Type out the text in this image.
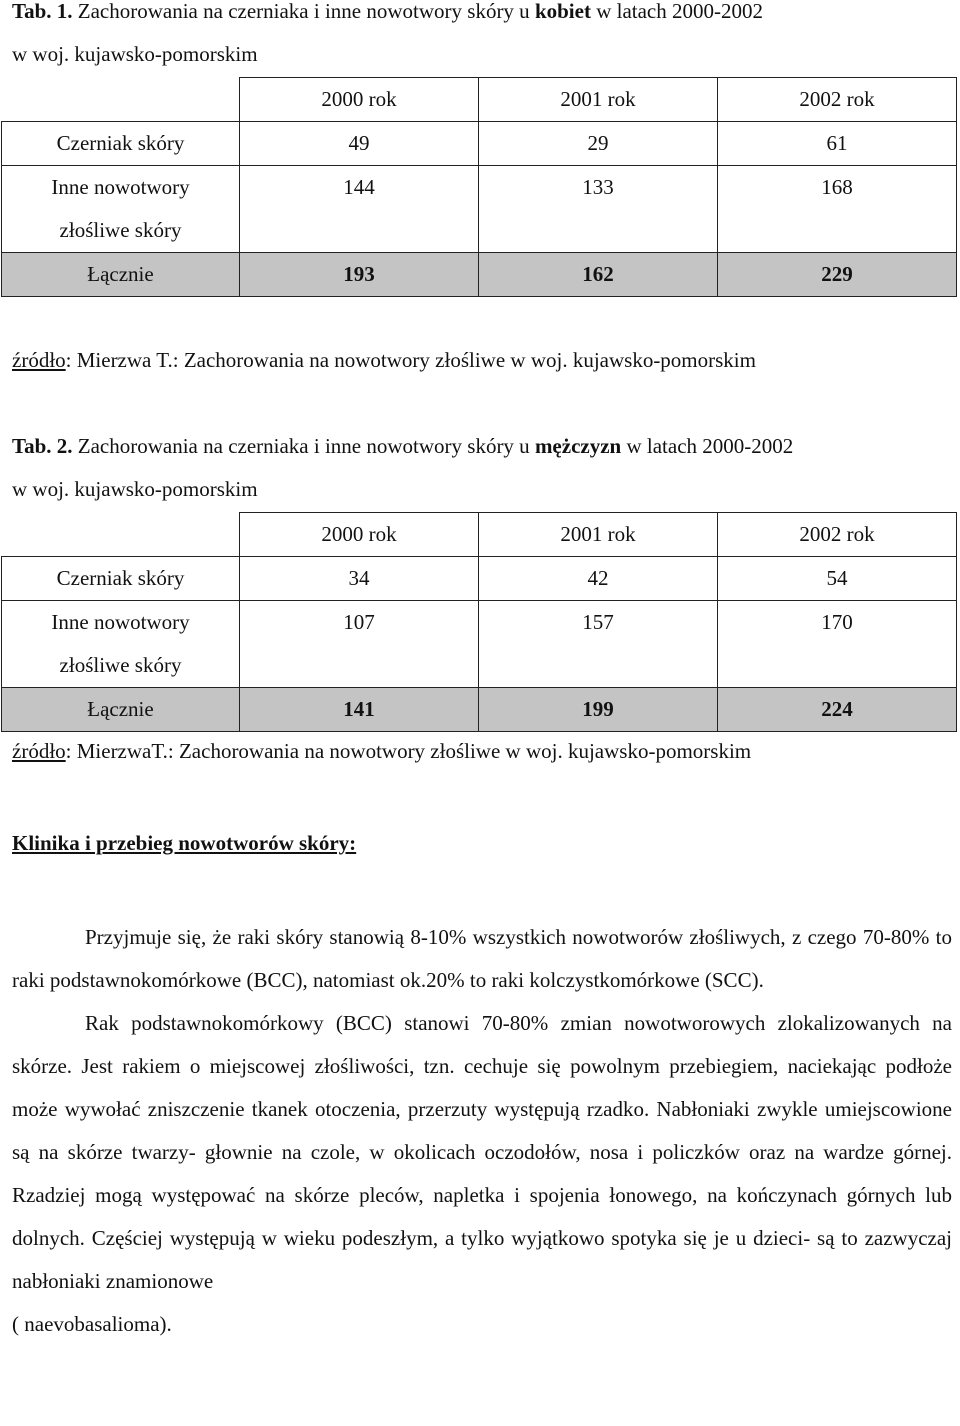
Tab. 1. Zachorowania na czerniaka i inne nowotwory skóry u kobiet w latach 2000-2002
w woj. kujawsko-pomorskim
	2000 rok	2001 rok	2002 rok
Czerniak skóry	49	29	61
Inne nowotwory
złośliwe skóry	144	133	168
Łącznie	193	162	229
źródło: Mierzwa T.: Zachorowania na nowotwory złośliwe w woj. kujawsko-pomorskim
Tab. 2. Zachorowania na czerniaka i inne nowotwory skóry u mężczyzn w latach 2000-2002
w woj. kujawsko-pomorskim
	2000 rok	2001 rok	2002 rok
Czerniak skóry	34	42	54
Inne nowotwory
złośliwe skóry	107	157	170
Łącznie	141	199	224
źródło: MierzwaT.: Zachorowania na nowotwory złośliwe w woj. kujawsko-pomorskim
Klinika i przebieg nowotworów skóry:

Przyjmuje się, że raki skóry stanowią 8-10% wszystkich nowotworów złośliwych, z czego 70-80% to raki podstawnokomórkowe (BCC), natomiast ok.20% to raki kolczystkomórkowe (SCC).

Rak podstawnokomórkowy (BCC) stanowi 70-80% zmian nowotworowych zlokalizowanych na skórze. Jest rakiem o miejscowej złośliwości, tzn. cechuje się powolnym przebiegiem, naciekając podłoże może wywołać zniszczenie tkanek otoczenia, przerzuty występują rzadko. Nabłoniaki zwykle umiejscowione są na skórze twarzy- głownie na czole, w okolicach oczodołów, nosa i policzków oraz na wardze górnej. Rzadziej mogą występować na skórze pleców, napletka i spojenia łonowego, na kończynach górnych lub dolnych. Częściej występują w wieku podeszłym, a tylko wyjątkowo spotyka się je u dzieci- są to zazwyczaj nabłoniaki znamionowe

( naevobasalioma).
